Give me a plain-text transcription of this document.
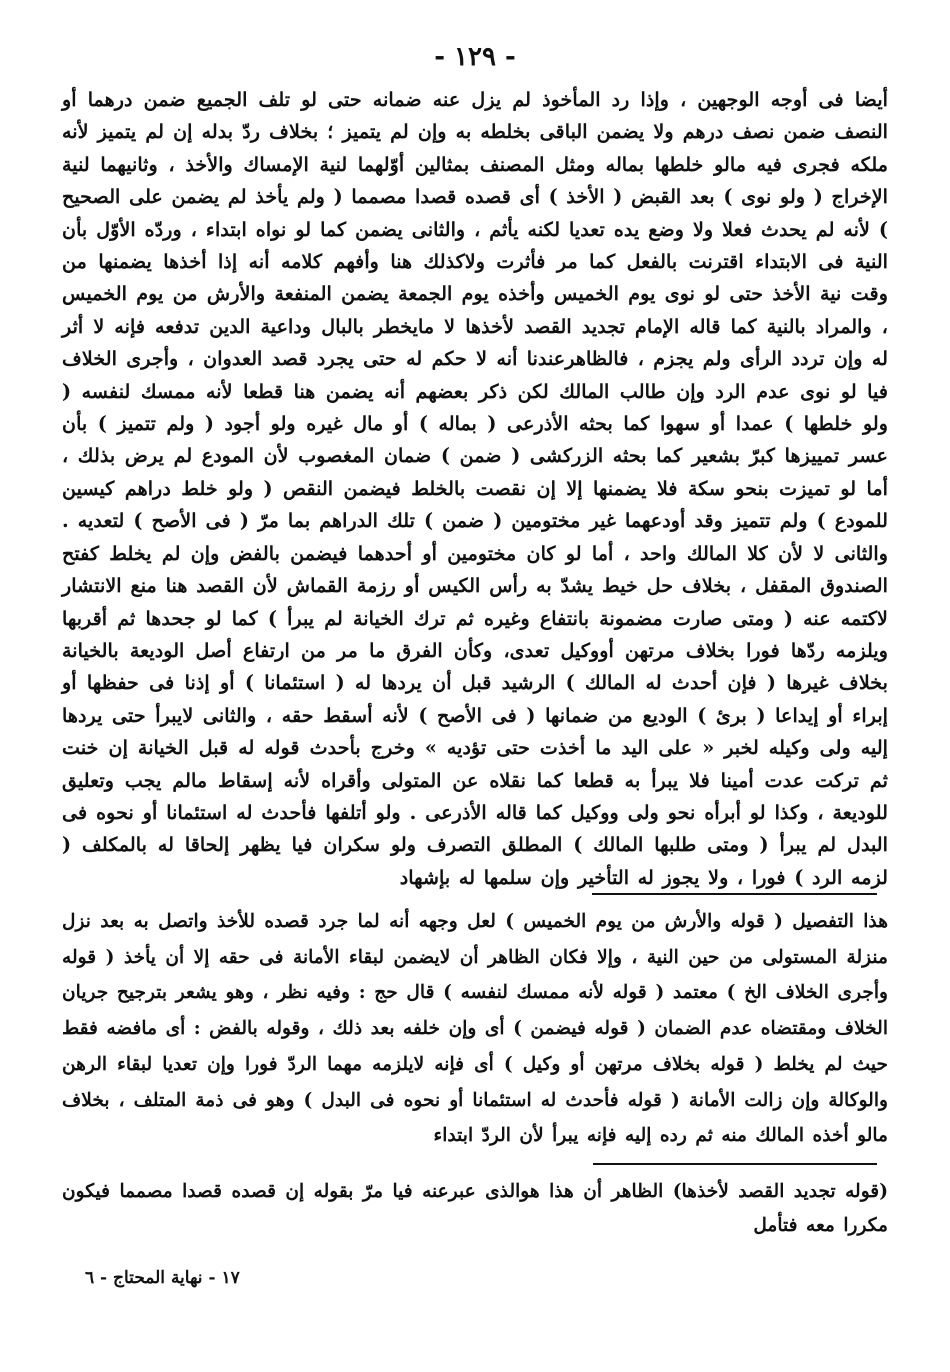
- ١٢٩ -

أيضا فى أوجه الوجهين ، وإذا رد المأخوذ لم يزل عنه ضمانه حتى لو تلف الجميع ضمن درهما أو النصف ضمن نصف درهم ولا يضمن الباقى بخلطه به وإن لم يتميز ؛ بخلاف ردّ بدله إن لم يتميز لأنه ملكه فجرى فيه مالو خلطها بماله ومثل المصنف بمثالين أوّلهما لنية الإمساك والأخذ ، وثانيهما لنية الإخراج ( ولو نوى ) بعد القبض ( الأخذ ) أى قصده قصدا مصمما ( ولم يأخذ لم يضمن على الصحيح ) لأنه لم يحدث فعلا ولا وضع يده تعديا لكنه يأثم ، والثانى يضمن كما لو نواه ابتداء ، وردّه الأوّل بأن النية فى الابتداء اقترنت بالفعل كما مر فأثرت ولاكذلك هنا وأفهم كلامه أنه إذا أخذها يضمنها من وقت نية الأخذ حتى لو نوى يوم الخميس وأخذه يوم الجمعة يضمن المنفعة والأرش من يوم الخميس ، والمراد بالنية كما قاله الإمام تجديد القصد لأخذها لا مايخطر بالبال وداعية الدين تدفعه فإنه لا أثر له وإن تردد الرأى ولم يجزم ، فالظاهرعندنا أنه لا حكم له حتى يجرد قصد العدوان ، وأجرى الخلاف فيا لو نوى عدم الرد وإن طالب المالك لكن ذكر بعضهم أنه يضمن هنا قطعا لأنه ممسك لنفسه ( ولو خلطها ) عمدا أو سهوا كما بحثه الأذرعى ( بماله ) أو مال غيره ولو أجود ( ولم تتميز ) بأن عسر تمييزها كبرّ بشعير كما بحثه الزركشى ( ضمن ) ضمان المغصوب لأن المودع لم يرض بذلك ، أما لو تميزت بنحو سكة فلا يضمنها إلا إن نقصت بالخلط فيضمن النقص ( ولو خلط دراهم كيسين للمودع ) ولم تتميز وقد أودعهما غير مختومين ( ضمن ) تلك الدراهم بما مرّ ( فى الأصح ) لتعديه . والثانى لا لأن كلا المالك واحد ، أما لو كان مختومين أو أحدهما فيضمن بالفض وإن لم يخلط كفتح الصندوق المقفل ، بخلاف حل خيط يشدّ به رأس الكيس أو رزمة القماش لأن القصد هنا منع الانتشار لاكتمه عنه ( ومتى صارت مضمونة بانتفاع وغيره ثم ترك الخيانة لم يبرأ ) كما لو جحدها ثم أقربها ويلزمه ردّها فورا بخلاف مرتهن أووكيل تعدى، وكأن الفرق ما مر من ارتفاع أصل الوديعة بالخيانة بخلاف غيرها ( فإن أحدث له المالك ) الرشيد قبل أن يردها له ( استئمانا ) أو إذنا فى حفظها أو إبراء أو إيداعا ( برئ ) الوديع من ضمانها ( فى الأصح ) لأنه أسقط حقه ، والثانى لايبرأ حتى يردها إليه ولى وكيله لخبر « على اليد ما أخذت حتى تؤديه » وخرج بأحدث قوله له قبل الخيانة إن خنت ثم تركت عدت أمينا فلا يبرأ به قطعا كما نقلاه عن المتولى وأقراه لأنه إسقاط مالم يجب وتعليق للوديعة ، وكذا لو أبرأه نحو ولى ووكيل كما قاله الأذرعى . ولو أتلفها فأحدث له استئمانا أو نحوه فى البدل لم يبرأ ( ومتى طلبها المالك ) المطلق التصرف ولو سكران فيا يظهر إلحاقا له بالمكلف ( لزمه الرد ) فورا ، ولا يجوز له التأخير وإن سلمها له بإشهاد

هذا التفصيل ( قوله والأرش من يوم الخميس ) لعل وجهه أنه لما جرد قصده للأخذ واتصل به بعد نزل منزلة المستولى من حين النية ، وإلا فكان الظاهر أن لايضمن لبقاء الأمانة فى حقه إلا أن يأخذ ( قوله وأجرى الخلاف الخ ) معتمد ( قوله لأنه ممسك لنفسه ) قال حج : وفيه نظر ، وهو يشعر بترجيح جريان الخلاف ومقتضاه عدم الضمان ( قوله فيضمن ) أى وإن خلفه بعد ذلك ، وقوله بالفض : أى مافضه فقط حيث لم يخلط ( قوله بخلاف مرتهن أو وكيل ) أى فإنه لايلزمه مهما الردّ فورا وإن تعديا لبقاء الرهن والوكالة وإن زالت الأمانة ( قوله فأحدث له استئمانا أو نحوه فى البدل ) وهو فى ذمة المتلف ، بخلاف مالو أخذه المالك منه ثم رده إليه فإنه يبرأ لأن الردّ ابتداء

(قوله تجديد القصد لأخذها) الظاهر أن هذا هوالذى عبرعنه فيا مرّ بقوله إن قصده قصدا مصمما فيكون مكررا معه فتأمل

١٧ - نهاية المحتاج - ٦
